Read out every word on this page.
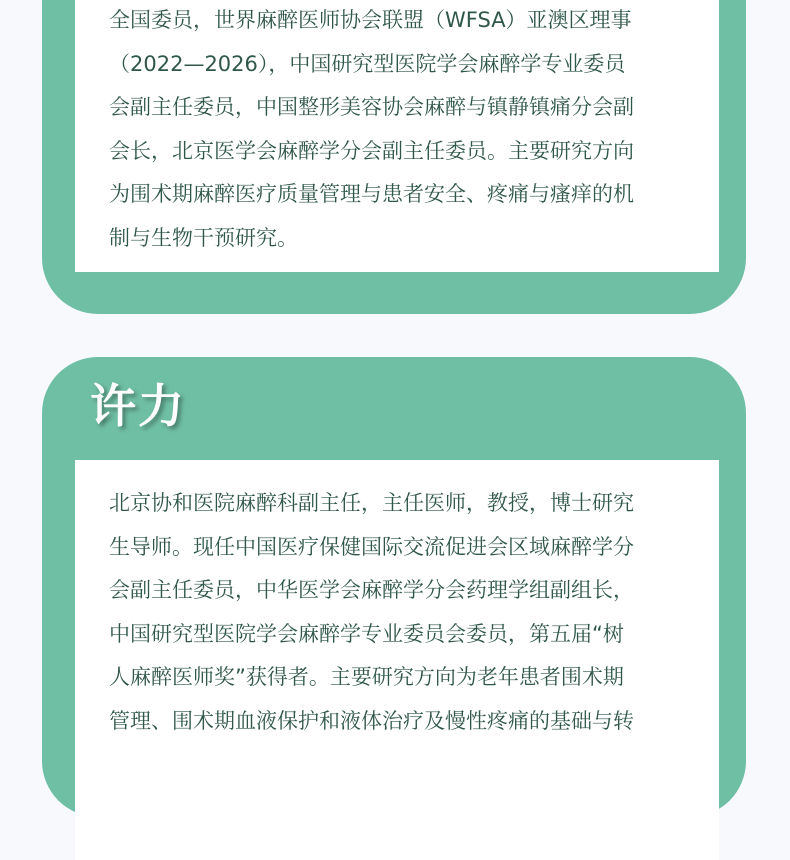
全国委员，世界麻醉医师协会联盟（WFSA）亚澳区理事
（2022—2026），中国研究型医院学会麻醉学专业委员
会副主任委员，中国整形美容协会麻醉与镇静镇痛分会副
会长，北京医学会麻醉学分会副主任委员。主要研究方向
为围术期麻醉医疗质量管理与患者安全、疼痛与瘙痒的机
制与生物干预研究。

许力

北京协和医院麻醉科副主任，主任医师，教授，博士研究
生导师。现任中国医疗保健国际交流促进会区域麻醉学分
会副主任委员，中华医学会麻醉学分会药理学组副组长，
中国研究型医院学会麻醉学专业委员会委员，第五届“树
人麻醉医师奖”获得者。主要研究方向为老年患者围术期
管理、围术期血液保护和液体治疗及慢性疼痛的基础与转
